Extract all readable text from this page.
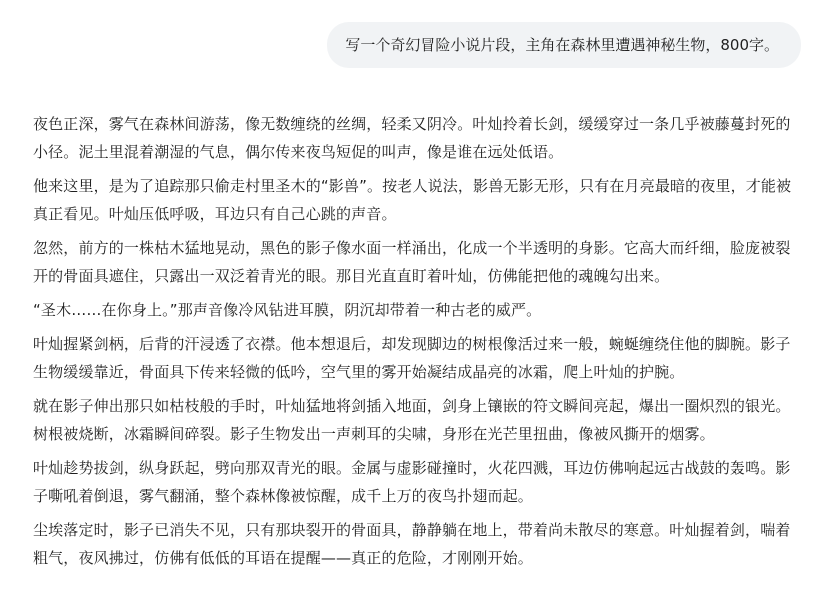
写一个奇幻冒险小说片段，主角在森林里遭遇神秘生物，800字。

夜色正深，雾气在森林间游荡，像无数缠绕的丝绸，轻柔又阴冷。叶灿拎着长剑，缓缓穿过一条几乎被藤蔓封死的小径。泥土里混着潮湿的气息，偶尔传来夜鸟短促的叫声，像是谁在远处低语。

他来这里，是为了追踪那只偷走村里圣木的“影兽”。按老人说法，影兽无影无形，只有在月亮最暗的夜里，才能被真正看见。叶灿压低呼吸，耳边只有自己心跳的声音。

忽然，前方的一株枯木猛地晃动，黑色的影子像水面一样涌出，化成一个半透明的身影。它高大而纤细，脸庞被裂开的骨面具遮住，只露出一双泛着青光的眼。那目光直直盯着叶灿，仿佛能把他的魂魄勾出来。

“圣木……在你身上。”那声音像冷风钻进耳膜，阴沉却带着一种古老的威严。

叶灿握紧剑柄，后背的汗浸透了衣襟。他本想退后，却发现脚边的树根像活过来一般，蜿蜒缠绕住他的脚腕。影子生物缓缓靠近，骨面具下传来轻微的低吟，空气里的雾开始凝结成晶亮的冰霜，爬上叶灿的护腕。

就在影子伸出那只如枯枝般的手时，叶灿猛地将剑插入地面，剑身上镶嵌的符文瞬间亮起，爆出一圈炽烈的银光。树根被烧断，冰霜瞬间碎裂。影子生物发出一声刺耳的尖啸，身形在光芒里扭曲，像被风撕开的烟雾。

叶灿趁势拔剑，纵身跃起，劈向那双青光的眼。金属与虚影碰撞时，火花四溅，耳边仿佛响起远古战鼓的轰鸣。影子嘶吼着倒退，雾气翻涌，整个森林像被惊醒，成千上万的夜鸟扑翅而起。

尘埃落定时，影子已消失不见，只有那块裂开的骨面具，静静躺在地上，带着尚未散尽的寒意。叶灿握着剑，喘着粗气，夜风拂过，仿佛有低低的耳语在提醒——真正的危险，才刚刚开始。
